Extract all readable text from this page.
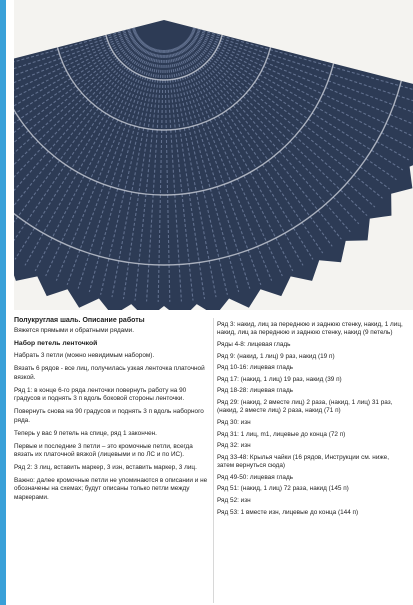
Полукруглая шаль. Описание работы

Вяжется прямыми и обратными рядами.

Набор петель ленточкой

Набрать 3 петли (можно невидимым набором).

Вязать 6 рядов - все лиц, получилась узкая ленточка платочной вязкой.

Ряд 1: в конце 6-го ряда ленточки повернуть работу на 90 градусов и поднять 3 п вдоль боковой стороны ленточки.

Повернуть снова на 90 градусов и поднять 3 п вдоль наборного ряда.

Теперь у вас 9 петель на спице, ряд 1 закончен.

Первые и последние 3 петли – это кромочные петли, всегда вязать их платочной вязкой (лицевыми и по ЛС и по ИС).

Ряд 2: 3 лиц, вставить маркер, 3 изн, вставить маркер, 3 лиц.

Важно: далее кромочные петли не упоминаются в описании и не обозначены на схемах; будут описаны только петли между маркерами.

Ряд 3: накид, лиц за переднюю и заднюю стенку, накид, 1 лиц, накид, лиц за переднюю и заднюю стенку, накид (9 петель)

Ряды 4-8: лицевая гладь

Ряд 9: (накид, 1 лиц) 9 раз, накид (19 п)

Ряд 10-16: лицевая гладь

Ряд 17: (накид, 1 лиц) 19 раз, накид (39 п)

Ряд 18-28: лицевая гладь

Ряд 29: (накид, 2 вместе лиц) 2 раза, (накид, 1 лиц) 31 раз, (накид, 2 вместе лиц) 2 раза, накид (71 п)

Ряд 30: изн

Ряд 31: 1 лиц, m1, лицевые до конца (72 п)

Ряд 32: изн

Ряд 33-48: Крылья чайки (16 рядов, Инструкции см. ниже, затем вернуться сюда)

Ряд 49-50: лицевая гладь

Ряд 51: (накид, 1 лиц) 72 раза, накид (145 п)

Ряд 52: изн

Ряд 53: 1 вместе изн, лицевые до конца (144 п)
